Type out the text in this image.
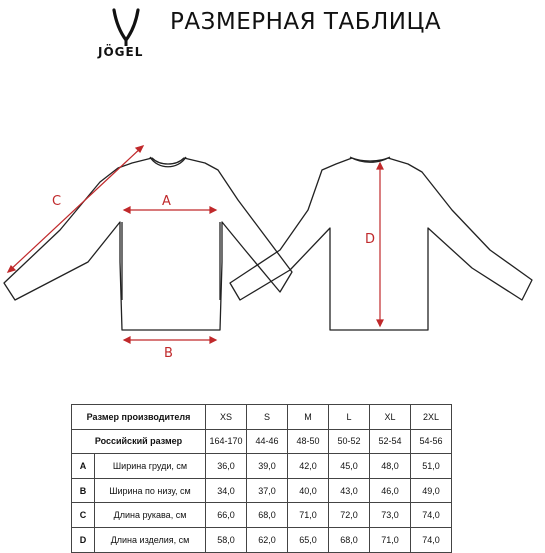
JÖGEL
РАЗМЕРНАЯ ТАБЛИЦА
A
B
C
D
Размер производителя		XS	S	M	L	XL	2XL
Российский размер		164-170	44-46	48-50	50-52	52-54	54-56
A	Ширина груди, см	36,0	39,0	42,0	45,0	48,0	51,0
B	Ширина по низу, см	34,0	37,0	40,0	43,0	46,0	49,0
C	Длина рукава, см	66,0	68,0	71,0	72,0	73,0	74,0
D	Длина изделия, см	58,0	62,0	65,0	68,0	71,0	74,0
